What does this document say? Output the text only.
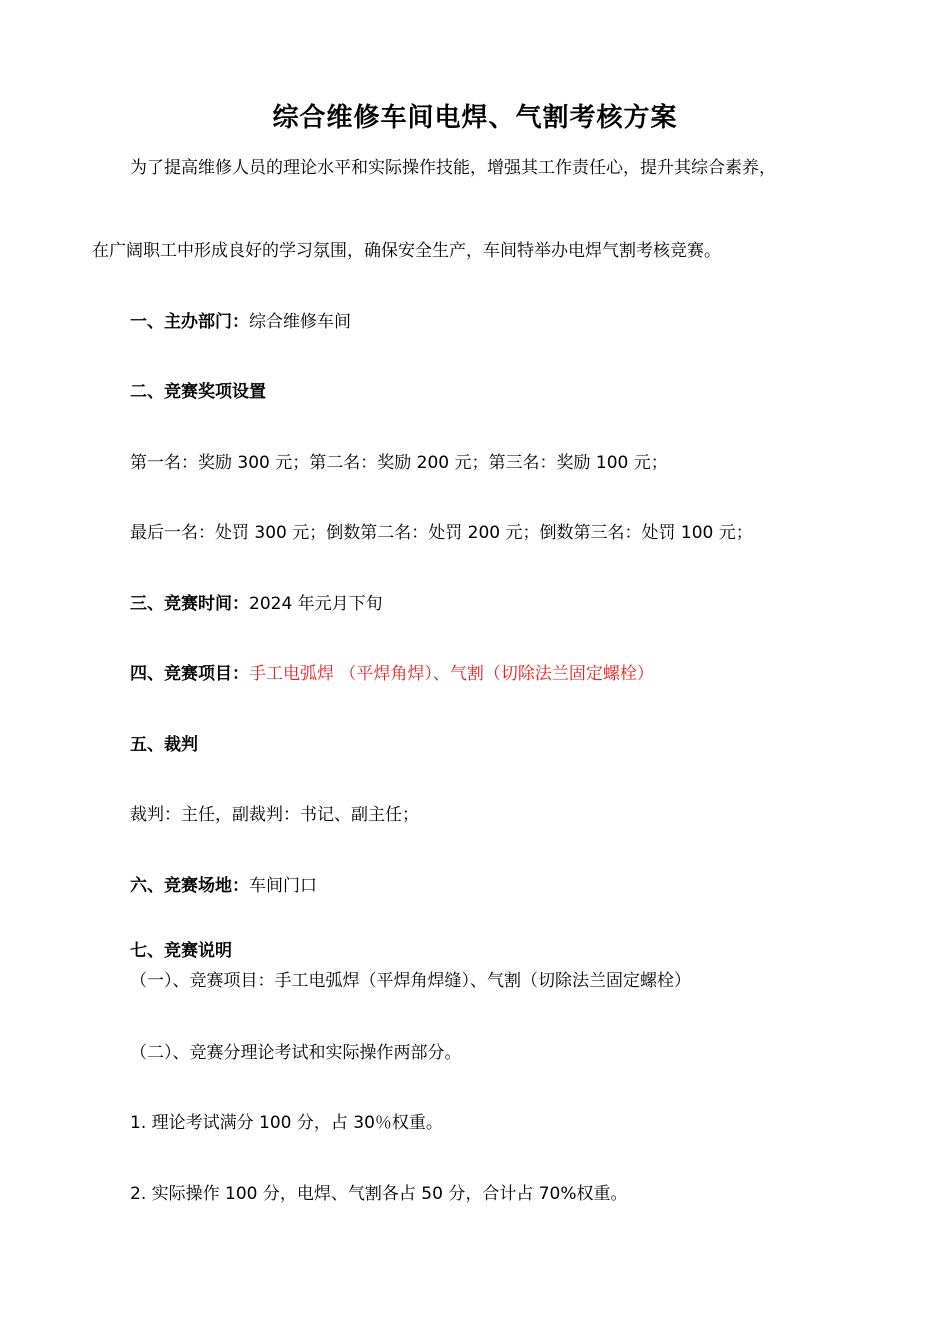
综合维修车间电焊、气割考核方案
为了提高维修人员的理论水平和实际操作技能，增强其工作责任心，提升其综合素养，
在广阔职工中形成良好的学习氛围，确保安全生产，车间特举办电焊气割考核竞赛。
一、主办部门：综合维修车间
二、竞赛奖项设置
第一名：奖励 300 元；第二名：奖励 200 元；第三名：奖励 100 元；
最后一名：处罚 300 元；倒数第二名：处罚 200 元；倒数第三名：处罚 100 元；
三、竞赛时间：2024 年元月下旬
四、竞赛项目：手工电弧焊 （平焊角焊）、气割（切除法兰固定螺栓）
五、裁判
裁判：主任，副裁判：书记、副主任；
六、竞赛场地：车间门口
七、竞赛说明
（一）、竞赛项目：手工电弧焊（平焊角焊缝）、气割（切除法兰固定螺栓）
（二）、竞赛分理论考试和实际操作两部分。
1. 理论考试满分 100 分，占 30％权重。
2. 实际操作 100 分，电焊、气割各占 50 分，合计占 70%权重。
